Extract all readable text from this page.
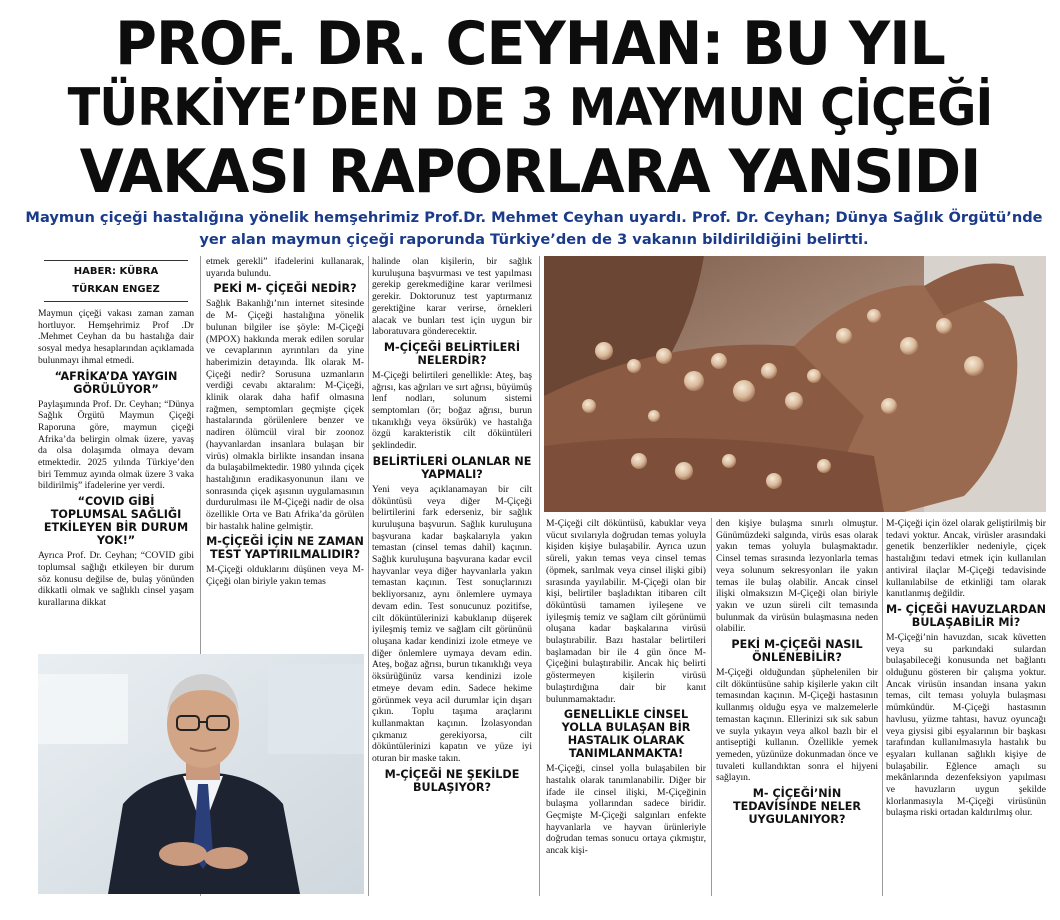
PROF. DR. CEYHAN: BU YIL
TÜRKİYE’DEN DE 3 MAYMUN ÇİÇEĞİ
VAKASI RAPORLARA YANSIDI
Maymun çiçeği hastalığına yönelik hemşehrimiz Prof.Dr. Mehmet Ceyhan uyardı. Prof. Dr. Ceyhan; Dünya Sağlık Örgütü’nde yer alan maymun çiçeği raporunda Türkiye’den de 3 vakanın bildirildiğini belirtti.
HABER: KÜBRA
TÜRKAN ENGEZ

Maymun çiçeği vakası zaman zaman hortluyor. Hemşehrimiz Prof .Dr .Mehmet Ceyhan da bu hastalığa dair sosyal medya hesaplarından açıklamada bulunmayı ihmal etmedi.

“AFRİKA’DA YAYGIN GÖRÜLÜYOR”

Paylaşımında Prof. Dr. Ceyhan; “Dünya Sağlık Örgütü Maymun Çiçeği Raporuna göre, maymun çiçeği Afrika’da belirgin olmak üzere, yavaş da olsa dolaşımda olmaya devam etmektedir. 2025 yılında Türkiye’den biri Temmuz ayında olmak üzere 3 vaka bildirilmiş” ifadelerine yer verdi.

“COVID GİBİ TOPLUMSAL SAĞLIĞI ETKİLEYEN BİR DURUM YOK!”

Ayrıca Prof. Dr. Ceyhan; “COVID gibi toplumsal sağlığı etkileyen bir durum söz konusu değilse de, bulaş yönünden dikkatli olmak ve sağlıklı cinsel yaşam kurallarına dikkat

etmek gerekli” ifadelerini kullanarak, uyarıda bulundu.

PEKİ M- ÇİÇEĞİ NEDİR?

Sağlık Bakanlığı’nın internet sitesinde de M- Çiçeği hastalığına yönelik bulunan bilgiler ise şöyle: M-Çiçeği (MPOX) hakkında merak edilen sorular ve cevaplarının ayrıntıları da yine haberimizin detayında. İlk olarak M-Çiçeği nedir? Sorusuna uzmanların verdiği cevabı aktaralım: M-Çiçeği, klinik olarak daha hafif olmasına rağmen, semptomları geçmişte çiçek hastalarında görülenlere benzer ve nadiren ölümcül viral bir zoonoz (hayvanlardan insanlara bulaşan bir virüs) olmakla birlikte insandan insana da bulaşabilmektedir. 1980 yılında çiçek hastalığının eradikasyonunun ilanı ve sonrasında çiçek aşısının uygulamasının durdurulması ile M-Çiçeği nadir de olsa özellikle Orta ve Batı Afrika’da görülen bir hastalık haline gelmiştir.

M-ÇİÇEĞİ İÇİN NE ZAMAN TEST YAPTIRILMALIDIR?

M-Çiçeği olduklarını düşünen veya M-Çiçeği olan biriyle yakın temas

halinde olan kişilerin, bir sağlık kuruluşuna başvurması ve test yapılması gerekip gerekmediğine karar verilmesi gerekir. Doktorunuz test yaptırmanız gerektiğine karar verirse, örnekleri alacak ve bunları test için uygun bir laboratuvara gönderecektir.

M-ÇİÇEĞİ BELİRTİLERİ NELERDİR?

M-Çiçeği belirtileri genellikle: Ateş, baş ağrısı, kas ağrıları ve sırt ağrısı, büyümüş lenf nodları, solunum sistemi semptomları (ör; boğaz ağrısı, burun tıkanıklığı veya öksürük) ve hastalığa özgü karakteristik cilt döküntüleri şeklindedir.

BELİRTİLERİ OLANLAR NE YAPMALI?

Yeni veya açıklanamayan bir cilt döküntüsü veya diğer M-Çiçeği belirtilerini fark ederseniz, bir sağlık kuruluşuna başvurun. Sağlık kuruluşuna başvurana kadar başkalarıyla yakın temastan (cinsel temas dahil) kaçının. Sağlık kuruluşuna başvurana kadar evcil hayvanlar veya diğer hayvanlarla yakın temastan kaçının. Test sonuçlarınızı bekliyorsanız, aynı önlemlere uymaya devam edin. Test sonucunuz pozitifse, cilt döküntülerinizi kabuklanıp düşerek iyileşmiş temiz ve sağlam cilt görününü oluşana kadar kendinizi izole etmeye ve diğer önlemlere uymaya devam edin. Ateş, boğaz ağrısı, burun tıkanıklığı veya öksürüğünüz varsa kendinizi izole etmeye devam edin. Sadece hekime görünmek veya acil durumlar için dışarı çıkın. Toplu taşıma araçlarını kullanmaktan kaçının. İzolasyondan çıkmanız gerekiyorsa, cilt döküntülerinizi kapatın ve yüze iyi oturan bir maske takın.

M-ÇİÇEĞİ NE ŞEKİLDE BULAŞIYOR?

M-Çiçeği cilt döküntüsü, kabuklar veya vücut sıvılarıyla doğrudan temas yoluyla kişiden kişiye bulaşabilir. Ayrıca uzun süreli, yakın temas veya cinsel temas (öpmek, sarılmak veya cinsel ilişki gibi) sırasında yayılabilir. M-Çiçeği olan bir kişi, belirtiler başladıktan itibaren cilt döküntüsü tamamen iyileşene ve iyileşmiş temiz ve sağlam cilt görünümü oluşana kadar başkalarına virüsü bulaştırabilir. Bazı hastalar belirtileri başlamadan bir ile 4 gün önce M-Çiçeğini bulaştırabilir. Ancak hiç belirti göstermeyen kişilerin virüsü bulaştırdığına dair bir kanıt bulunmamaktadır.

GENELLİKLE CİNSEL YOLLA BULAŞAN BİR HASTALIK OLARAK TANIMLANMAKTA!

M-Çiçeği, cinsel yolla bulaşabilen bir hastalık olarak tanımlanabilir. Diğer bir ifade ile cinsel ilişki, M-Çiçeğinin bulaşma yollarından sadece biridir. Geçmişte M-Çiçeği salgınları enfekte hayvanlarla ve hayvan ürünleriyle doğrudan temas sonucu ortaya çıkmıştır, ancak kişi-

den kişiye bulaşma sınırlı olmuştur. Günümüzdeki salgında, virüs esas olarak yakın temas yoluyla bulaşmaktadır. Cinsel temas sırasında lezyonlarla temas veya solunum sekresyonları ile yakın temas ile bulaş olabilir. Ancak cinsel ilişki olmaksızın M-Çiçeği olan biriyle yakın ve uzun süreli cilt temasında bulunmak da virüsün bulaşmasına neden olabilir.

PEKİ M-ÇİÇEĞİ NASIL ÖNLENEBİLİR?

M-Çiçeği olduğundan şüphelenilen bir cilt döküntüsüne sahip kişilerle yakın cilt temasından kaçının. M-Çiçeği hastasının kullanmış olduğu eşya ve malzemelerle temastan kaçının. Ellerinizi sık sık sabun ve suyla yıkayın veya alkol bazlı bir el antiseptiği kullanın. Özellikle yemek yemeden, yüzünüze dokunmadan önce ve tuvaleti kullandıktan sonra el hijyeni sağlayın.

M- ÇİÇEĞİ’NİN TEDAVİSİNDE NELER UYGULANIYOR?

M-Çiçeği için özel olarak geliştirilmiş bir tedavi yoktur. Ancak, virüsler arasındaki genetik benzerlikler nedeniyle, çiçek hastalığını tedavi etmek için kullanılan antiviral ilaçlar M-Çiçeği tedavisinde kullanılabilse de etkinliği tam olarak kanıtlanmış değildir.

M- ÇİÇEĞİ HAVUZLARDAN BULAŞABİLİR Mİ?

M-Çiçeği’nin havuzdan, sıcak küvetten veya su parkındaki sulardan bulaşabileceği konusunda net bağlantı olduğunu gösteren bir çalışma yoktur. Ancak virüsün insandan insana yakın temas, cilt teması yoluyla bulaşması mümkündür. M-Çiçeği hastasının havlusu, yüzme tahtası, havuz oyuncağı veya giysisi gibi eşyalarının bir başkası tarafından kullanılmasıyla hastalık bu eşyaları kullanan sağlıklı kişiye de bulaşabilir. Eğlence amaçlı su mekânlarında dezenfeksiyon yapılması ve havuzların uygun şekilde klorlanmasıyla M-Çiçeği virüsünün bulaşma riski ortadan kaldırılmış olur.
